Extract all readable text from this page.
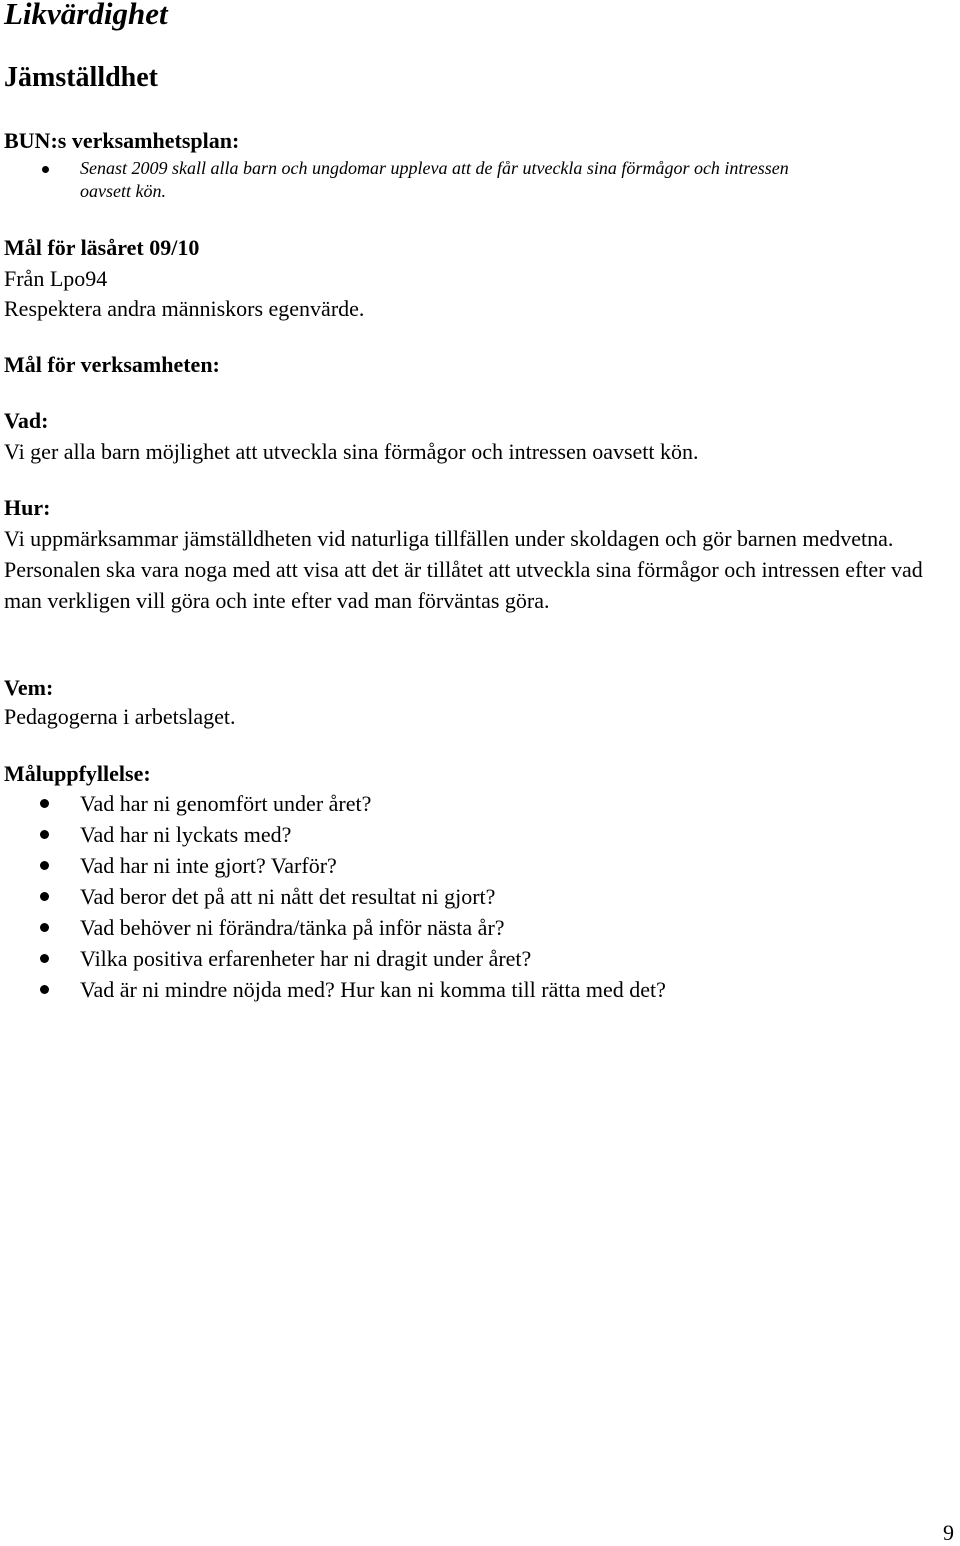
Likvärdighet
Jämställdhet
BUN:s verksamhetsplan:
Senast 2009 skall alla barn och ungdomar uppleva att de får utveckla sina förmågor och intressen
oavsett kön.
Mål för läsåret 09/10
Från Lpo94
Respektera andra människors egenvärde.
Mål för verksamheten:
Vad:
Vi ger alla barn möjlighet att utveckla sina förmågor och intressen oavsett kön.
Hur:
Vi uppmärksammar jämställdheten vid naturliga tillfällen under skoldagen och gör barnen medvetna. Personalen ska vara noga med att visa att det är tillåtet att utveckla sina förmågor och intressen efter vad man verkligen vill göra och inte efter vad man förväntas göra.
Vem:
Pedagogerna i arbetslaget.
Måluppfyllelse:
Vad har ni genomfört under året?
Vad har ni lyckats med?
Vad har ni inte gjort? Varför?
Vad beror det på att ni nått det resultat ni gjort?
Vad behöver ni förändra/tänka på inför nästa år?
Vilka positiva erfarenheter har ni dragit under året?
Vad är ni mindre nöjda med? Hur kan ni komma till rätta med det?
9
